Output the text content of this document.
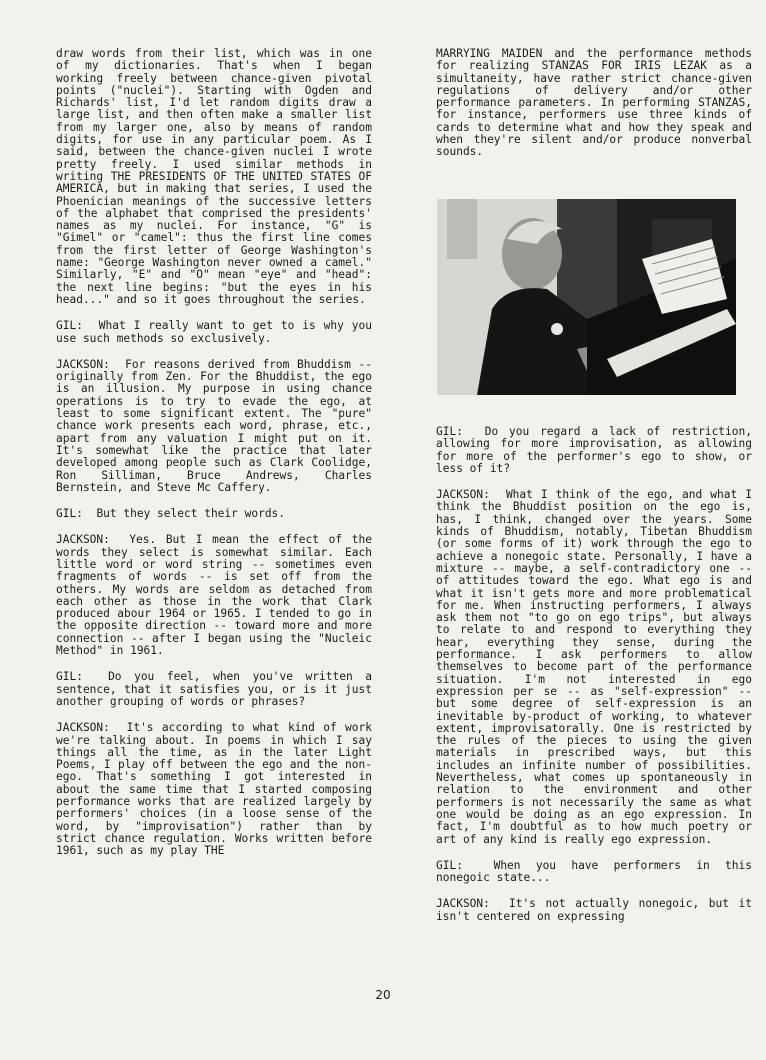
draw words from their list, which was in one of my dictionaries. That's when I began working freely between chance-given pivotal points ("nuclei"). Starting with Ogden and Richards' list, I'd let random digits draw a large list, and then often make a smaller list from my larger one, also by means of random digits, for use in any particular poem. As I said, between the chance-given nuclei I wrote pretty freely. I used similar methods in writing THE PRESIDENTS OF THE UNITED STATES OF AMERICA, but in making that series, I used the Phoenician meanings of the successive letters of the alphabet that comprised the presidents' names as my nuclei. For instance, "G" is "Gimel" or "camel": thus the first line comes from the first letter of George Washington's name: "George Washington never owned a camel." Similarly, "E" and "O" mean "eye" and "head": the next line begins: "but the eyes in his head..." and so it goes throughout the series.

GIL: What I really want to get to is why you use such methods so exclusively.

JACKSON: For reasons derived from Bhuddism -- originally from Zen. For the Bhuddist, the ego is an illusion. My purpose in using chance operations is to try to evade the ego, at least to some significant extent. The "pure" chance work presents each word, phrase, etc., apart from any valuation I might put on it. It's somewhat like the practice that later developed among people such as Clark Coolidge, Ron Silliman, Bruce Andrews, Charles Bernstein, and Steve Mc Caffery.

GIL: But they select their words.

JACKSON: Yes. But I mean the effect of the words they select is somewhat similar. Each little word or word string -- sometimes even fragments of words -- is set off from the others. My words are seldom as detached from each other as those in the work that Clark produced abour 1964 or 1965. I tended to go in the opposite direction -- toward more and more connection -- after I began using the "Nucleic Method" in 1961.

GIL: Do you feel, when you've written a sentence, that it satisfies you, or is it just another grouping of words or phrases?

JACKSON: It's according to what kind of work we're talking about. In poems in which I say things all the time, as in the later Light Poems, I play off between the ego and the non-ego. That's something I got interested in about the same time that I started composing performance works that are realized largely by performers' choices (in a loose sense of the word, by "improvisation") rather than by strict chance regulation. Works written before 1961, such as my play THE

MARRYING MAIDEN and the performance methods for realizing STANZAS FOR IRIS LEZAK as a simultaneity, have rather strict chance-given regulations of delivery and/or other performance parameters. In performing STANZAS, for instance, performers use three kinds of cards to determine what and how they speak and when they're silent and/or produce nonverbal sounds.

GIL: Do you regard a lack of restriction, allowing for more improvisation, as allowing for more of the performer's ego to show, or less of it?

JACKSON: What I think of the ego, and what I think the Bhuddist position on the ego is, has, I think, changed over the years. Some kinds of Bhuddism, notably, Tibetan Bhuddism (or some forms of it) work through the ego to achieve a nonegoic state. Personally, I have a mixture -- maybe, a self-contradictory one -- of attitudes toward the ego. What ego is and what it isn't gets more and more problematical for me. When instructing performers, I always ask them not "to go on ego trips", but always to relate to and respond to everything they hear, everything they sense, during the performance. I ask performers to allow themselves to become part of the performance situation. I'm not interested in ego expression per se -- as "self-expression" -- but some degree of self-expression is an inevitable by-product of working, to whatever extent, improvisatorally. One is restricted by the rules of the pieces to using the given materials in prescribed ways, but this includes an infinite number of possibilities. Nevertheless, what comes up spontaneously in relation to the environment and other performers is not necessarily the same as what one would be doing as an ego expression. In fact, I'm doubtful as to how much poetry or art of any kind is really ego expression.

GIL:	When you have performers in this nonegoic state...

JACKSON: It's not actually nonegoic, but it isn't centered on expressing

20
